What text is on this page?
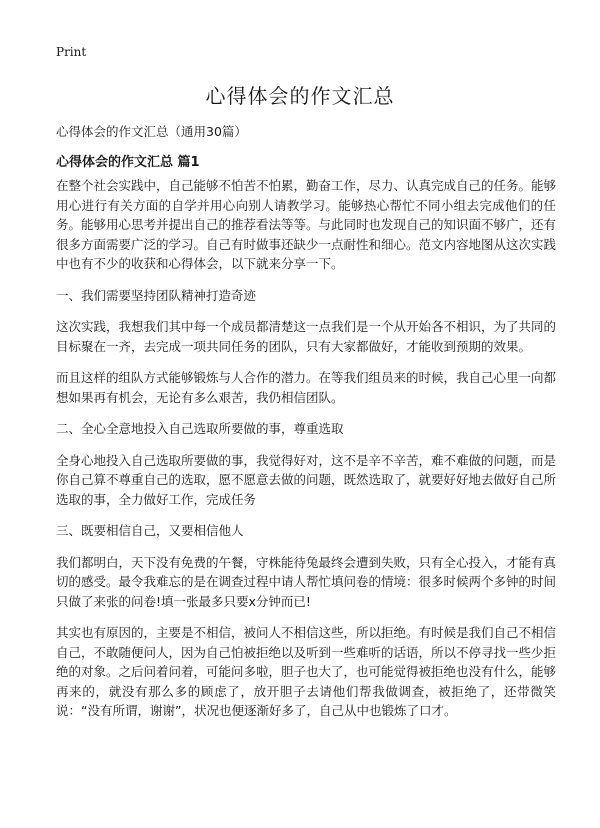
Print
心得体会的作文汇总

心得体会的作文汇总（通用30篇）

心得体会的作文汇总 篇1

在整个社会实践中，自己能够不怕苦不怕累，勤奋工作，尽力、认真完成自己的任务。能够用心进行有关方面的自学并用心向别人请教学习。能够热心帮忙不同小组去完成他们的任务。能够用心思考并提出自己的推荐看法等等。与此同时也发现自己的知识面不够广，还有很多方面需要广泛的学习。自己有时做事还缺少一点耐性和细心。范文内容地图从这次实践中也有不少的收获和心得体会，以下就来分享一下。

一、我们需要坚持团队精神打造奇迹

这次实践，我想我们其中每一个成员都清楚这一点我们是一个从开始各不相识，为了共同的目标聚在一齐，去完成一项共同任务的团队，只有大家都做好，才能收到预期的效果。

而且这样的组队方式能够锻炼与人合作的潜力。在等我们组员来的时候，我自己心里一向都想如果再有机会，无论有多么艰苦，我仍相信团队。

二、全心全意地投入自己选取所要做的事，尊重选取

全身心地投入自己选取所要做的事，我觉得好对，这不是辛不辛苦，难不难做的问题，而是你自己算不尊重自己的选取，愿不愿意去做的问题，既然选取了，就要好好地去做好自己所选取的事，全力做好工作，完成任务

三、既要相信自己，又要相信他人

我们都明白，天下没有免费的午餐，守株能待兔最终会遭到失败，只有全心投入，才能有真切的感受。最令我难忘的是在调查过程中请人帮忙填问卷的情境：很多时候两个多钟的时间只做了来张的问卷!填一张最多只要x分钟而已!

其实也有原因的，主要是不相信，被问人不相信这些，所以拒绝。有时候是我们自己不相信自己，不敢随便问人，因为自己怕被拒绝以及听到一些难听的话语，所以不停寻找一些少拒绝的对象。之后问着问着，可能问多啦，胆子也大了，也可能觉得被拒绝也没有什么，能够再来的，就没有那么多的顾虑了，放开胆子去请他们帮我做调查，被拒绝了，还带微笑说：“没有所谓，谢谢”，状况也便逐渐好多了，自己从中也锻炼了口才。
